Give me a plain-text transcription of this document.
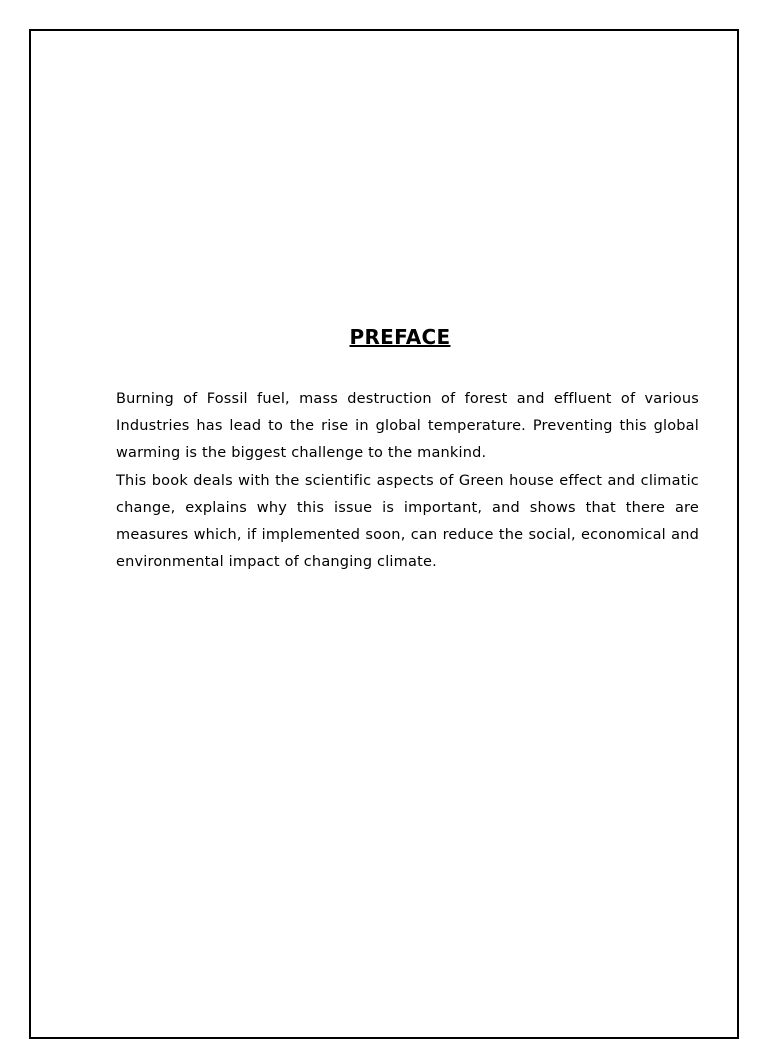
PREFACE

Burning of Fossil fuel, mass destruction of forest and effluent of various Industries has lead to the rise in global temperature. Preventing this global warming is the biggest challenge to the mankind.

This book deals with the scientific aspects of Green house effect and climatic change, explains why this issue is important, and shows that there are measures which, if implemented soon, can reduce the social, economical and environmental impact of changing climate.
